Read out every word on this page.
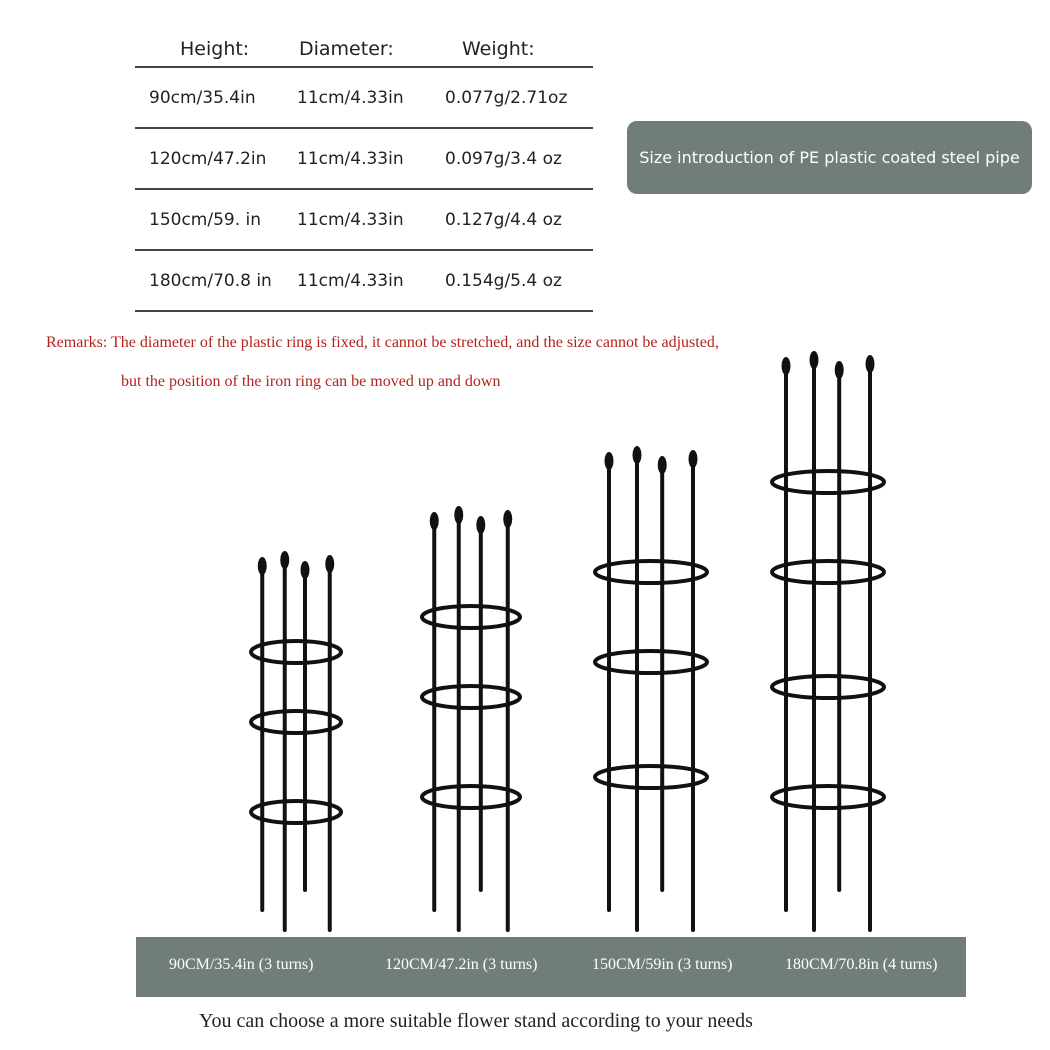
Height:	Diameter:	Weight:
90cm/35.4in 11cm/4.33in 0.077g/2.71oz
120cm/47.2in 11cm/4.33in 0.097g/3.4 oz
150cm/59. in 11cm/4.33in 0.127g/4.4 oz
180cm/70.8 in 11cm/4.33in 0.154g/5.4 oz
Size introduction of PE plastic coated steel pipe
Remarks: The diameter of the plastic ring is fixed, it cannot be stretched, and the size cannot be adjusted,
but the position of the iron ring can be moved up and down
90CM/35.4in (3 turns)	120CM/47.2in (3 turns)	150CM/59in (3 turns)	180CM/70.8in (4 turns)
You can choose a more suitable flower stand according to your needs
